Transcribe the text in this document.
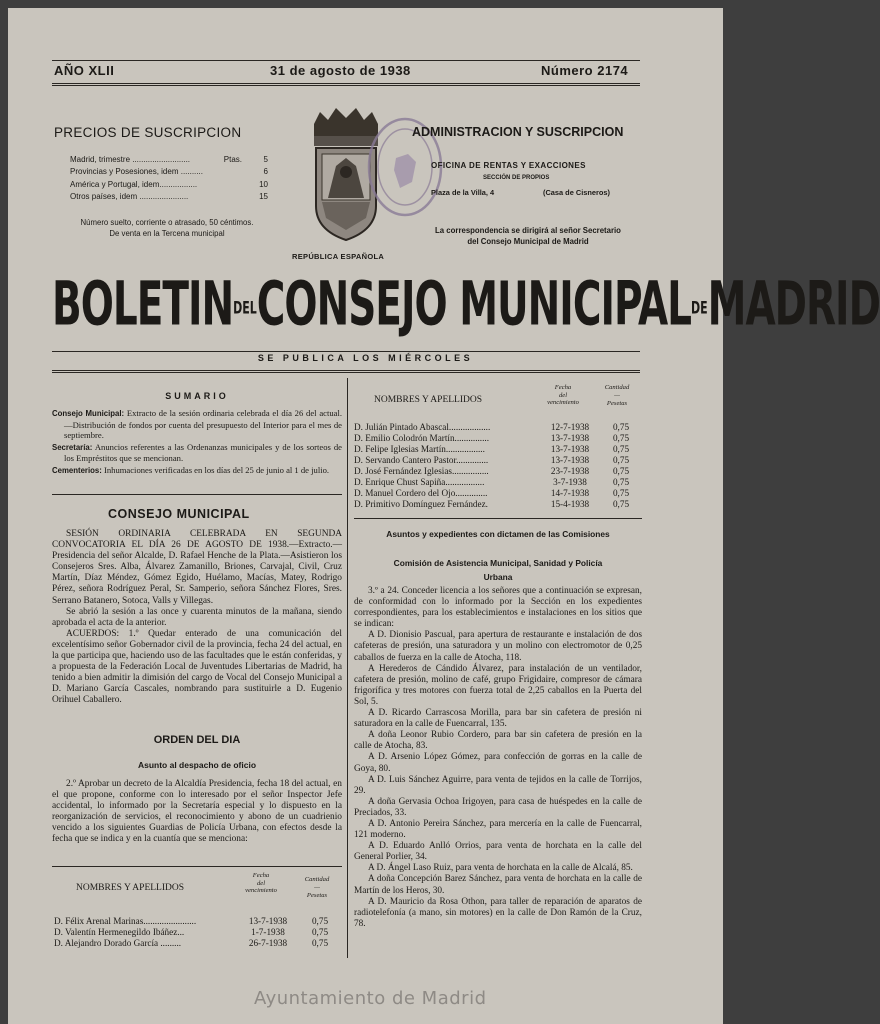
AÑO XLII	31 de agosto de 1938	Número 2174
PRECIOS DE SUSCRIPCION
Madrid, trimestre ..........................	Ptas.	5
Provincias y Posesiones, idem ..........	6
América y Portugal, idem.................	10
Otros países, idem ......................	15
Número suelto, corriente o atrasado, 50 céntimos.
De venta en la Tercena municipal
ADMINISTRACION Y SUSCRIPCION
OFICINA DE RENTAS Y EXACCIONES
SECCIÓN DE PROPIOS
Plaza de la Villa, 4	(Casa de Cisneros)
La correspondencia se dirigirá al señor Secretario
del Consejo Municipal de Madrid
REPÚBLICA ESPAÑOLA
BOLETINDELCONSEJO MUNICIPALDEMADRID
SE PUBLICA LOS MIÉRCOLES
SUMARIO
Consejo Municipal: Extracto de la sesión ordinaria celebrada el día 26 del actual.—Distribución de fondos por cuenta del presupuesto del Interior para el mes de septiembre.
Secretaría: Anuncios referentes a las Ordenanzas municipales y de los sorteos de los Empréstitos que se mencionan.
Cementerios: Inhumaciones verificadas en los días del 25 de junio al 1 de julio.
CONSEJO MUNICIPAL

SESIÓN ORDINARIA CELEBRADA EN SEGUNDA CONVOCATORIA EL DÍA 26 DE AGOSTO DE 1938.—Extracto.—Presidencia del señor Alcalde, D. Rafael Henche de la Plata.—Asistieron los Consejeros Sres. Alba, Álvarez Zamanillo, Briones, Carvajal, Civil, Cruz Martín, Díaz Méndez, Gómez Egido, Huélamo, Macías, Matey, Rodrigo Pérez, señora Rodríguez Peral, Sr. Samperio, señora Sánchez Flores, Sres. Serrano Batanero, Sotoca, Valls y Villegas.

Se abrió la sesión a las once y cuarenta minutos de la mañana, siendo aprobada el acta de la anterior.

ACUERDOS: 1.º Quedar enterado de una comunicación del excelentísimo señor Gobernador civil de la provincia, fecha 24 del actual, en la que participa que, haciendo uso de las facultades que le están conferidas, y a propuesta de la Federación Local de Juventudes Libertarias de Madrid, ha tenido a bien admitir la dimisión del cargo de Vocal del Consejo Municipal a D. Mariano García Cascales, nombrando para sustituirle a D. Eugenio Orihuel Caballero.

ORDEN DEL DIA
Asunto al despacho de oficio

2.º Aprobar un decreto de la Alcaldía Presidencia, fecha 18 del actual, en el que propone, conforme con lo interesado por el señor Inspector Jefe accidental, lo informado por la Secretaría especial y lo dispuesto en la reorganización de servicios, el reconocimiento y abono de un cuadrienio vencido a los siguientes Guardias de Policía Urbana, con efectos desde la fecha que se indica y en la cuantía que se menciona:

NOMBRES Y APELLIDOS
Fecha
del
vencimiento
Cantidad
—
Pesetas
D. Félix Arenal Marinas.......................	13-7-1938	0,75
D. Valentín Hermenegildo Ibáñez...	1-7-1938	0,75
D. Alejandro Dorado García .........	26-7-1938	0,75
NOMBRES Y APELLIDOS
Fecha
del
vencimiento
Cantidad
—
Pesetas
D. Julián Pintado Abascal..................	12-7-1938	0,75
D. Emilio Colodrón Martín...............	13-7-1938	0,75
D. Felipe Iglesias Martín.................	13-7-1938	0,75
D. Servando Cantero Pastor..............	13-7-1938	0,75
D. José Fernández Iglesias................	23-7-1938	0,75
D. Enrique Chust Sapiña.................	3-7-1938	0,75
D. Manuel Cordero del Ojo..............	14-7-1938	0,75
D. Primitivo Domínguez Fernández.	15-4-1938	0,75
Asuntos y expedientes con dictamen de las Comisiones
Comisión de Asistencia Municipal, Sanidad y Policía
Urbana

3.º a 24. Conceder licencia a los señores que a continuación se expresan, de conformidad con lo informado por la Sección en los expedientes correspondientes, para los establecimientos e instalaciones en los sitios que se indican:

A D. Dionisio Pascual, para apertura de restaurante e instalación de dos cafeteras de presión, una saturadora y un molino con electromotor de 0,25 caballos de fuerza en la calle de Atocha, 118.

A Herederos de Cándido Álvarez, para instalación de un ventilador, cafetera de presión, molino de café, grupo Frigidaire, compresor de cámara frigorífica y tres motores con fuerza total de 2,25 caballos en la Puerta del Sol, 5.

A D. Ricardo Carrascosa Morilla, para bar sin cafetera de presión ni saturadora en la calle de Fuencarral, 135.

A doña Leonor Rubio Cordero, para bar sin cafetera de presión en la calle de Atocha, 83.

A D. Arsenio López Gómez, para confección de gorras en la calle de Goya, 80.

A D. Luis Sánchez Aguirre, para venta de tejidos en la calle de Torrijos, 29.

A doña Gervasia Ochoa Irigoyen, para casa de huéspedes en la calle de Preciados, 33.

A D. Antonio Pereira Sánchez, para mercería en la calle de Fuencarral, 121 moderno.

A D. Eduardo Anlló Orrios, para venta de horchata en la calle del General Porlier, 34.

A D. Ángel Laso Ruiz, para venta de horchata en la calle de Alcalá, 85.

A doña Concepción Barez Sánchez, para venta de horchata en la calle de Martín de los Heros, 30.

A D. Mauricio da Rosa Othon, para taller de reparación de aparatos de radiotelefonía (a mano, sin motores) en la calle de Don Ramón de la Cruz, 78.

Ayuntamiento de Madrid
